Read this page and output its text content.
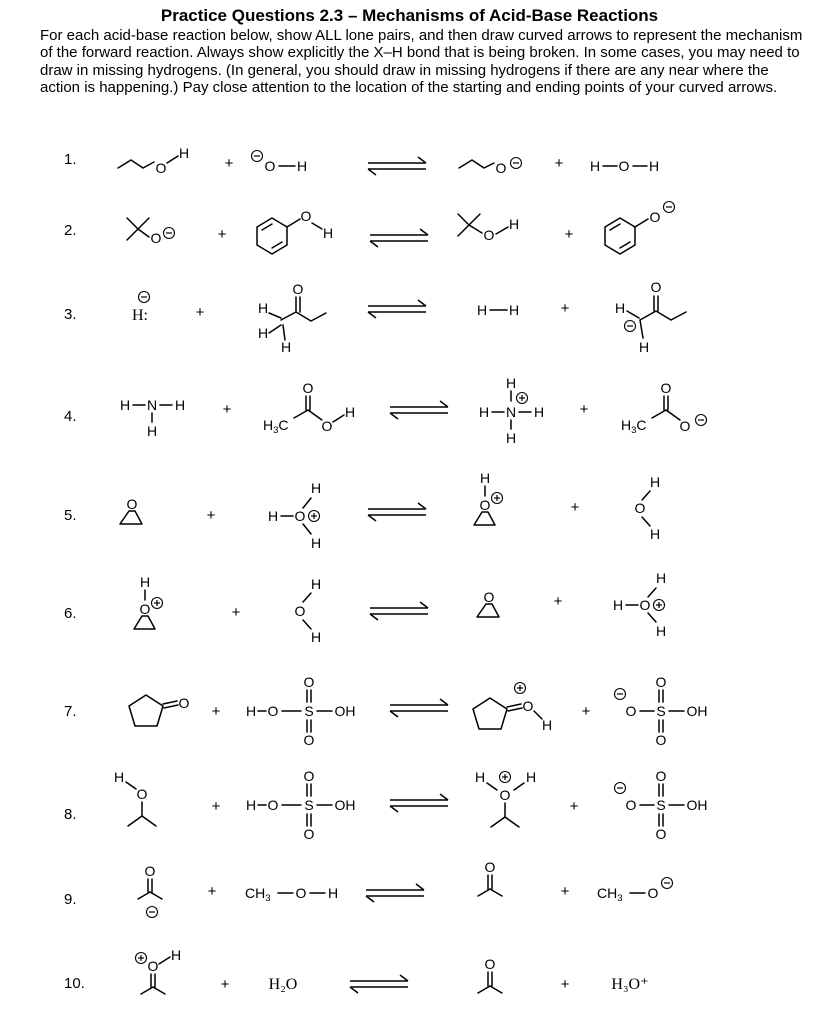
Practice Questions 2.3 – Mechanisms of Acid-Base Reactions

For each acid-base reaction below, show ALL lone pairs, and then draw curved arrows to represent the mechanism of the forward reaction. Always show explicitly the X–H bond that is being broken. In some cases, you may need to draw in missing hydrogens. (In general, you should draw in missing hydrogens if there are any near where the action is happening.) Pay close attention to the location of the starting and ending points of your curved arrows.

1.
2.
3.
4.
5.
6.
7.
8.
9.
10.
O
H
+ O H	O	+ H O H
O	+
O
H	O
H
+
O
H:	+	H
H
H
O
H H	+	H
H
O
H N H
H
+
$H_3C$
O
O
H
H
H N H
H
+
$H_3C$
O
O
O
+
H
H O
H
H
O	+
H
O
H
H
O	+
H
O
H
O	+
H
H O
H
O + H O S OH
O
O
O
H
+	O S OH
O
O
H
O
+ H O S OH
O
O
H	H
O
+	O S OH
O
O
O
+ $CH_3$ O H
O
+ $CH_3$ O
O
H
+ H₂O
O
+	H₃O⁺
